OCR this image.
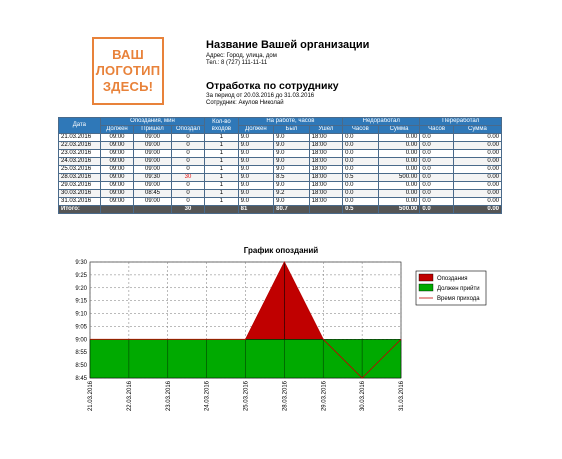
ВАШ
ЛОГОТИП
ЗДЕСЬ!
Название Вашей организации
Адрес: Город, улица, дом
Тел.: 8 (727) 111-11-11
Отработка по сотруднику
За период от 20.03.2016 до 31.03.2016
Сотрудник: Акулов Николай
Дата	Опоздания, мин			Кол-во входов	На работе, часов			Недоработал		Переработал	
	Должен	Пришел	Опоздал		Должен	Был	Ушел	Часов	Сумма	Часов	Сумма
21.03.2016	09:00	09:00	0	1	9.0	9.0	18:00	0.0	0.00	0.0	0.00
22.03.2016	09:00	09:00	0	1	9.0	9.0	18:00	0.0	0.00	0.0	0.00
23.03.2016	09:00	09:00	0	1	9.0	9.0	18:00	0.0	0.00	0.0	0.00
24.03.2016	09:00	09:00	0	1	9.0	9.0	18:00	0.0	0.00	0.0	0.00
25.03.2016	09:00	09:00	0	1	9.0	9.0	18:00	0.0	0.00	0.0	0.00
28.03.2016	09:00	09:30	30	1	9.0	8.5	18:00	0.5	500.00	0.0	0.00
29.03.2016	09:00	09:00	0	1	9.0	9.0	18:00	0.0	0.00	0.0	0.00
30.03.2016	09:00	08:45	0	1	9.0	9.2	18:00	0.0	0.00	0.0	0.00
31.03.2016	09:00	09:00	0	1	9.0	9.0	18:00	0.0	0.00	0.0	0.00
Итого:			30		81	80.7		0.5	500.00	0.0	0.00
График опозданий
8:45
8:50
8:55
9:00
9:05
9:10
9:15
9:20
9:25
9:30
21.03.2016	22.03.2016	23.03.2016	24.03.2016	25.03.2016	28.03.2016	29.03.2016	30.03.2016	31.03.2016
Опоздания
Должен прийти
Время прихода
